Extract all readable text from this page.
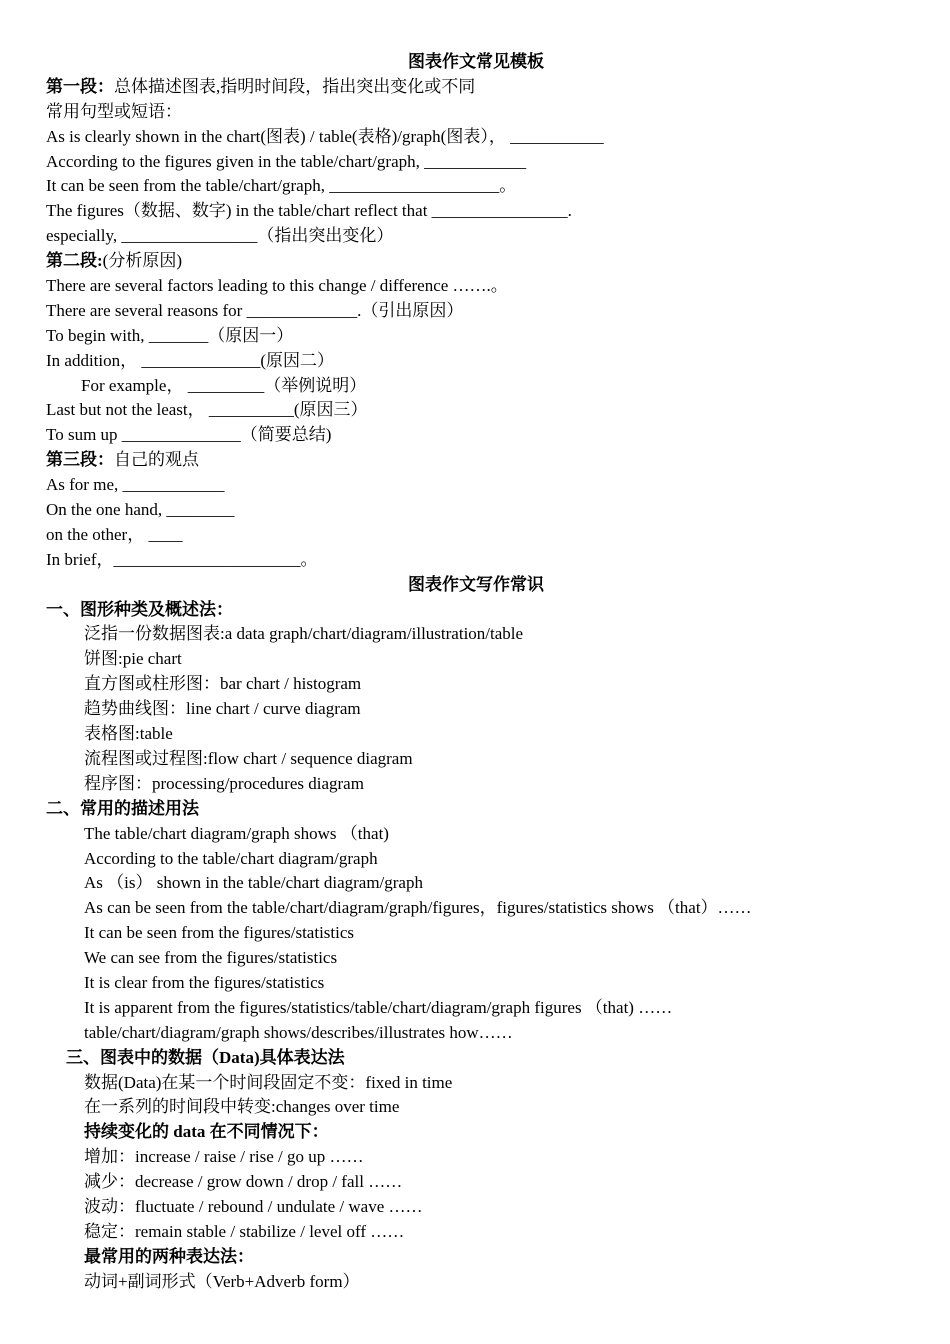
图表作文常见模板
第一段：总体描述图表,指明时间段，指出突出变化或不同
常用句型或短语：
As is clearly shown in the chart(图表) / table(表格)/graph(图表）， ___________
According to the figures given in the table/chart/graph, ____________
It can be seen from the table/chart/graph, ____________________。
The figures（数据、数字) in the table/chart reflect that ________________.
especially, ________________（指出突出变化）
第二段:(分析原因)
There are several factors leading to this change / difference …….。
There are several reasons for _____________.（引出原因）
To begin with, _______（原因一）
In addition， ______________(原因二）
For example， _________（举例说明）
Last but not the least， __________(原因三）
To sum up ______________（简要总结)
第三段：自己的观点
As for me, ____________
On the one hand, ________
on the other， ____
In brief，______________________。
图表作文写作常识
一、图形种类及概述法：
泛指一份数据图表:a data graph/chart/diagram/illustration/table
饼图:pie chart
直方图或柱形图：bar chart / histogram
趋势曲线图：line chart / curve diagram
表格图:table
流程图或过程图:flow chart / sequence diagram
程序图：processing/procedures diagram
二、常用的描述用法
The table/chart diagram/graph shows （that)
According to the table/chart diagram/graph
As （is） shown in the table/chart diagram/graph
As can be seen from the table/chart/diagram/graph/figures，figures/statistics shows （that）……
It can be seen from the figures/statistics
We can see from the figures/statistics
It is clear from the figures/statistics
It is apparent from the figures/statistics/table/chart/diagram/graph figures （that) ……
table/chart/diagram/graph shows/describes/illustrates how……
三、图表中的数据（Data)具体表达法
数据(Data)在某一个时间段固定不变：fixed in time
在一系列的时间段中转变:changes over time
持续变化的 data 在不同情况下：
增加：increase / raise / rise / go up ……
减少：decrease / grow down / drop / fall ……
波动：fluctuate / rebound / undulate / wave ……
稳定：remain stable / stabilize / level off ……
最常用的两种表达法：
动词+副词形式（Verb+Adverb form）
